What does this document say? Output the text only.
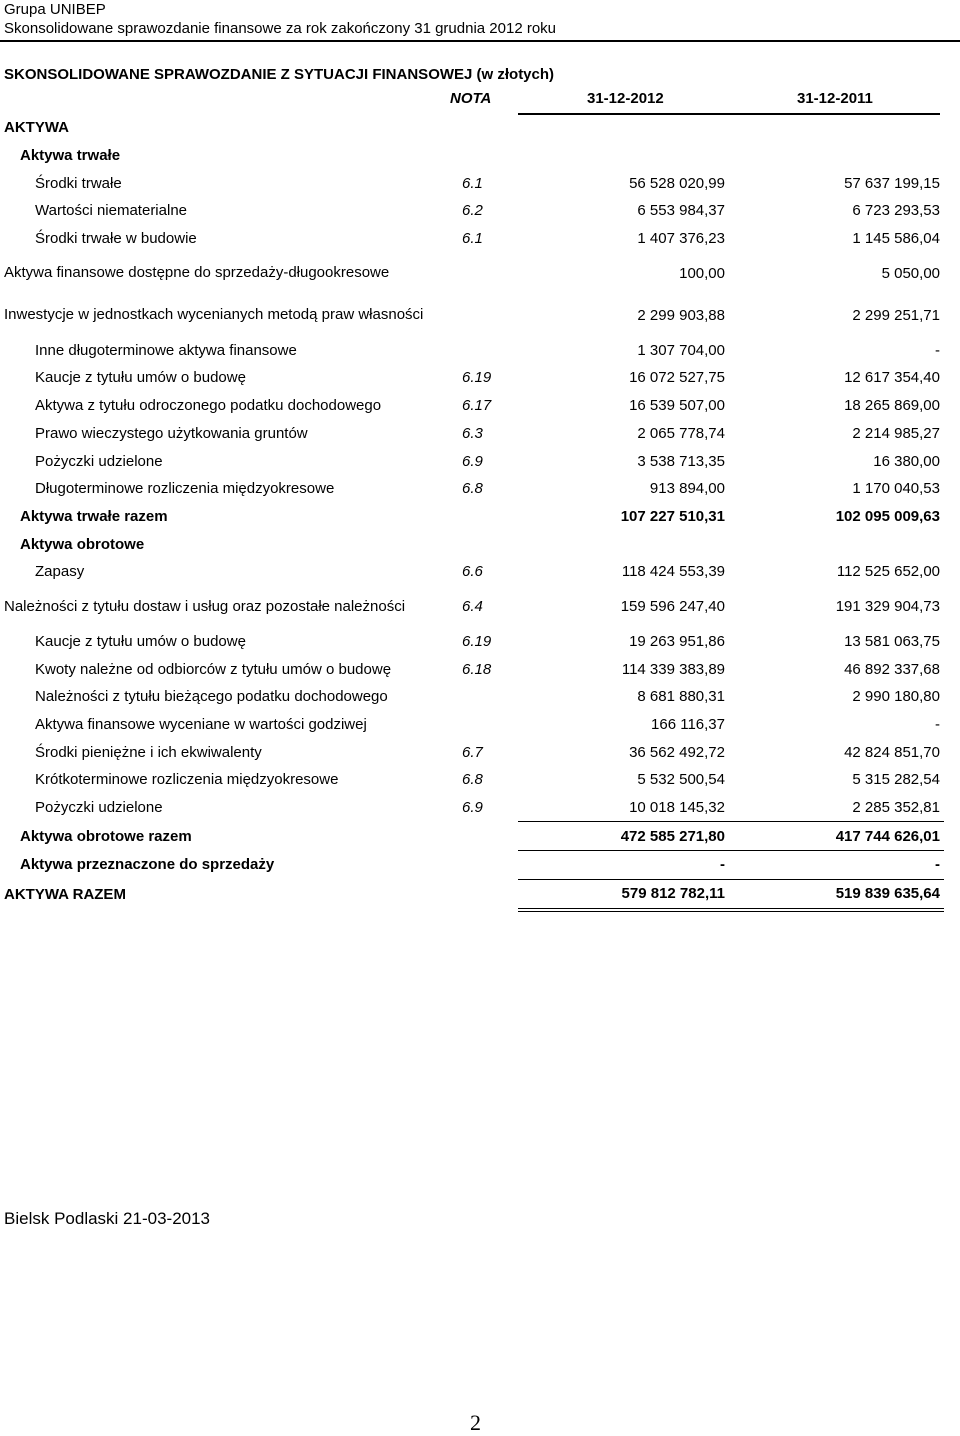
Grupa UNIBEP
Skonsolidowane sprawozdanie finansowe za rok zakończony 31 grudnia 2012 roku
SKONSOLIDOWANE SPRAWOZDANIE Z SYTUACJI FINANSOWEJ (w złotych)
NOTA	31-12-2012	31-12-2011
AKTYWA			
Aktywa trwałe			
Środki trwałe	6.1	56 528 020,99	57 637 199,15
Wartości niematerialne	6.2	6 553 984,37	6 723 293,53
Środki trwałe w budowie	6.1	1 407 376,23	1 145 586,04

Aktywa finansowe dostępne do sprzedaży-długookresowe		100,00	5 050,00

Inwestycje w jednostkach wycenianych metodą praw własności		2 299 903,88	2 299 251,71
Inne długoterminowe aktywa finansowe		1 307 704,00	-
Kaucje z tytułu umów o budowę	6.19	16 072 527,75	12 617 354,40
Aktywa z tytułu odroczonego podatku dochodowego	6.17	16 539 507,00	18 265 869,00
Prawo wieczystego użytkowania gruntów	6.3	2 065 778,74	2 214 985,27
Pożyczki udzielone	6.9	3 538 713,35	16 380,00
Długoterminowe rozliczenia międzyokresowe	6.8	913 894,00	1 170 040,53
Aktywa trwałe razem		107 227 510,31	102 095 009,63
Aktywa obrotowe			
Zapasy	6.6	118 424 553,39	112 525 652,00

Należności z tytułu dostaw i usług oraz pozostałe należności	6.4	159 596 247,40	191 329 904,73
Kaucje z tytułu umów o budowę	6.19	19 263 951,86	13 581 063,75
Kwoty należne od odbiorców z tytułu umów o budowę	6.18	114 339 383,89	46 892 337,68
Należności z tytułu bieżącego podatku dochodowego		8 681 880,31	2 990 180,80
Aktywa finansowe wyceniane w wartości godziwej		166 116,37	-
Środki pieniężne i ich ekwiwalenty	6.7	36 562 492,72	42 824 851,70
Krótkoterminowe rozliczenia międzyokresowe	6.8	5 532 500,54	5 315 282,54
Pożyczki udzielone	6.9	10 018 145,32	2 285 352,81
Aktywa obrotowe razem		472 585 271,80	417 744 626,01
Aktywa przeznaczone do sprzedaży		-	-
AKTYWA RAZEM		579 812 782,11	519 839 635,64
Bielsk Podlaski 21-03-2013
2
